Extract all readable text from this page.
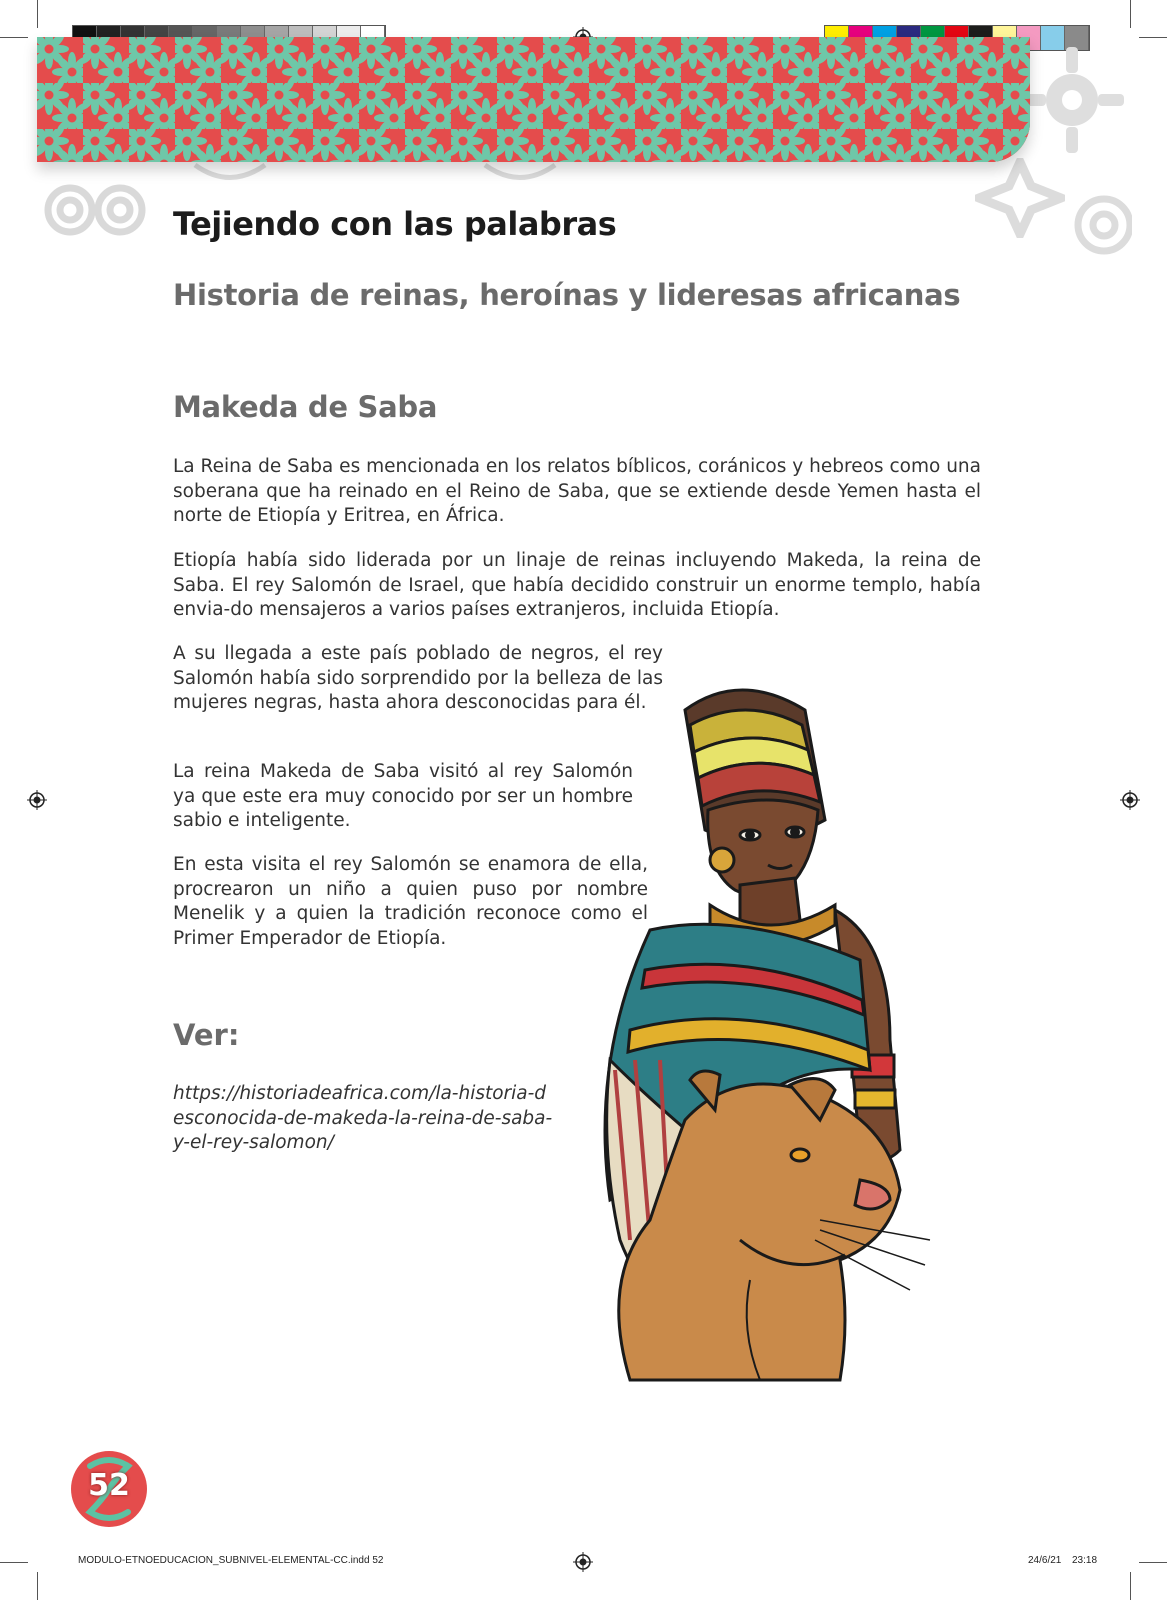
Tejiendo con las palabras
Historia de reinas, heroínas y lideresas africanas
Makeda de Saba

La Reina de Saba es mencionada en los relatos bíblicos, coránicos y hebreos como una soberana que ha reinado en el Reino de Saba, que se extiende desde Yemen hasta el norte de Etiopía y Eritrea, en África.

Etiopía había sido liderada por un linaje de reinas incluyendo Makeda, la reina de Saba. El rey Salomón de Israel, que había decidido construir un enorme templo, había envia-do mensajeros a varios países extranjeros, incluida Etiopía.

A su llegada a este país poblado de negros, el rey Salomón había sido sorprendido por la belleza de las mujeres negras, hasta ahora desconocidas para él.

La reina Makeda de Saba visitó al rey Salomón ya que este era muy conocido por ser un hombre sabio e inteligente.

En esta visita el rey Salomón se enamora de ella, procrearon un niño a quien puso por nombre Menelik y a quien la tradición reconoce como el Primer Emperador de Etiopía.

Ver:
https://historiadeafrica.com/la-historia-desconocida-de-makeda-la-reina-de-saba-y-el-rey-salomon/
52
MODULO-ETNOEDUCACION_SUBNIVEL-ELEMENTAL-CC.indd 52	24/6/21 23:18
